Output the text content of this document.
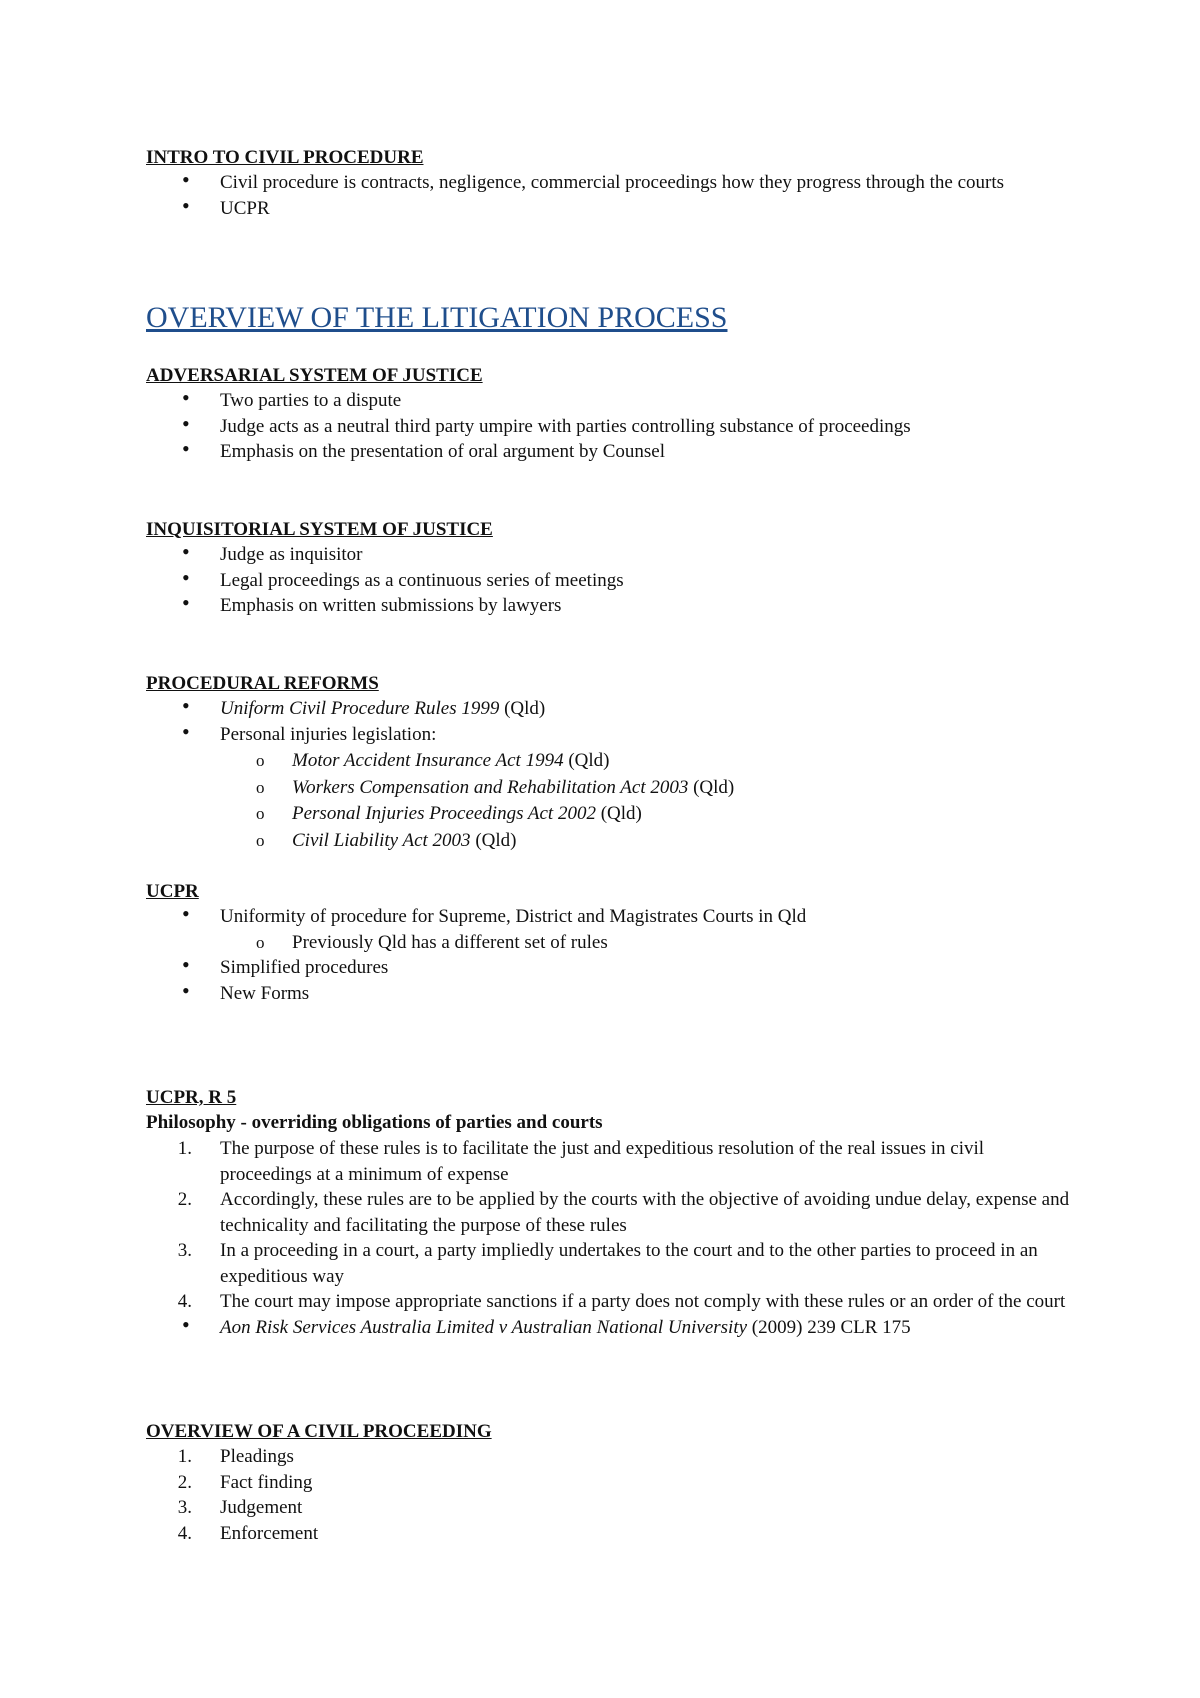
INTRO TO CIVIL PROCEDURE
Civil procedure is contracts, negligence, commercial proceedings how they progress through the courts
UCPR
OVERVIEW OF THE LITIGATION PROCESS
ADVERSARIAL SYSTEM OF JUSTICE
Two parties to a dispute
Judge acts as a neutral third party umpire with parties controlling substance of proceedings
Emphasis on the presentation of oral argument by Counsel
INQUISITORIAL SYSTEM OF JUSTICE
Judge as inquisitor
Legal proceedings as a continuous series of meetings
Emphasis on written submissions by lawyers
PROCEDURAL REFORMS
Uniform Civil Procedure Rules 1999 (Qld)
Personal injuries legislation:
o
Motor Accident Insurance Act 1994 (Qld)
o
Workers Compensation and Rehabilitation Act 2003 (Qld)
o
Personal Injuries Proceedings Act 2002 (Qld)
o
Civil Liability Act 2003 (Qld)
UCPR
Uniformity of procedure for Supreme, District and Magistrates Courts in Qld
o
Previously Qld has a different set of rules
Simplified procedures
New Forms
UCPR, R 5
Philosophy - overriding obligations of parties and courts
1. The purpose of these rules is to facilitate the just and expeditious resolution of the real issues in civil proceedings at a minimum of expense
2. Accordingly, these rules are to be applied by the courts with the objective of avoiding undue delay, expense and technicality and facilitating the purpose of these rules
3. In a proceeding in a court, a party impliedly undertakes to the court and to the other parties to proceed in an expeditious way
4. The court may impose appropriate sanctions if a party does not comply with these rules or an order of the court
Aon Risk Services Australia Limited v Australian National University (2009) 239 CLR 175
OVERVIEW OF A CIVIL PROCEEDING
1. Pleadings
2. Fact finding
3. Judgement
4. Enforcement
